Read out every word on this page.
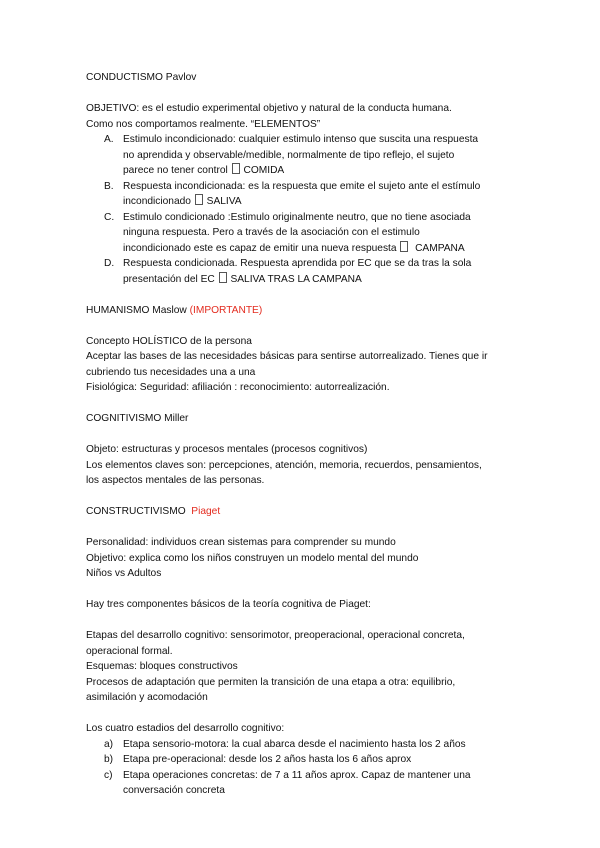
CONDUCTISMO Pavlov

OBJETIVO: es el estudio experimental objetivo y natural de la conducta humana.

Como nos comportamos realmente. “ELEMENTOS”

A. Estimulo incondicionado: cualquier estimulo intenso que suscita una respuesta
no aprendida y observable/medible, normalmente de tipo reflejo, el sujeto
parece no tener control COMIDA
B. Respuesta incondicionada: es la respuesta que emite el sujeto ante el estímulo
incondicionado SALIVA
C. Estimulo condicionado :Estimulo originalmente neutro, que no tiene asociada
ninguna respuesta. Pero a través de la asociación con el estimulo
incondicionado este es capaz de emitir una nueva respuesta CAMPANA
D. Respuesta condicionada. Respuesta aprendida por EC que se da tras la sola
presentación del EC SALIVA TRAS LA CAMPANA

HUMANISMO Maslow (IMPORTANTE)

Concepto HOLÍSTICO de la persona

Aceptar las bases de las necesidades básicas para sentirse autorrealizado. Tienes que ir

cubriendo tus necesidades una a una

Fisiológica: Seguridad: afiliación : reconocimiento: autorrealización.

COGNITIVISMO Miller

Objeto: estructuras y procesos mentales (procesos cognitivos)

Los elementos claves son: percepciones, atención, memoria, recuerdos, pensamientos,

los aspectos mentales de las personas.

CONSTRUCTIVISMO Piaget

Personalidad: individuos crean sistemas para comprender su mundo

Objetivo: explica como los niños construyen un modelo mental del mundo

Niños vs Adultos

Hay tres componentes básicos de la teoría cognitiva de Piaget:

Etapas del desarrollo cognitivo: sensorimotor, preoperacional, operacional concreta,

operacional formal.

Esquemas: bloques constructivos

Procesos de adaptación que permiten la transición de una etapa a otra: equilibrio,

asimilación y acomodación

Los cuatro estadios del desarrollo cognitivo:

a) Etapa sensorio-motora: la cual abarca desde el nacimiento hasta los 2 años
b) Etapa pre-operacional: desde los 2 años hasta los 6 años aprox
c) Etapa operaciones concretas: de 7 a 11 años aprox. Capaz de mantener una
conversación concreta
